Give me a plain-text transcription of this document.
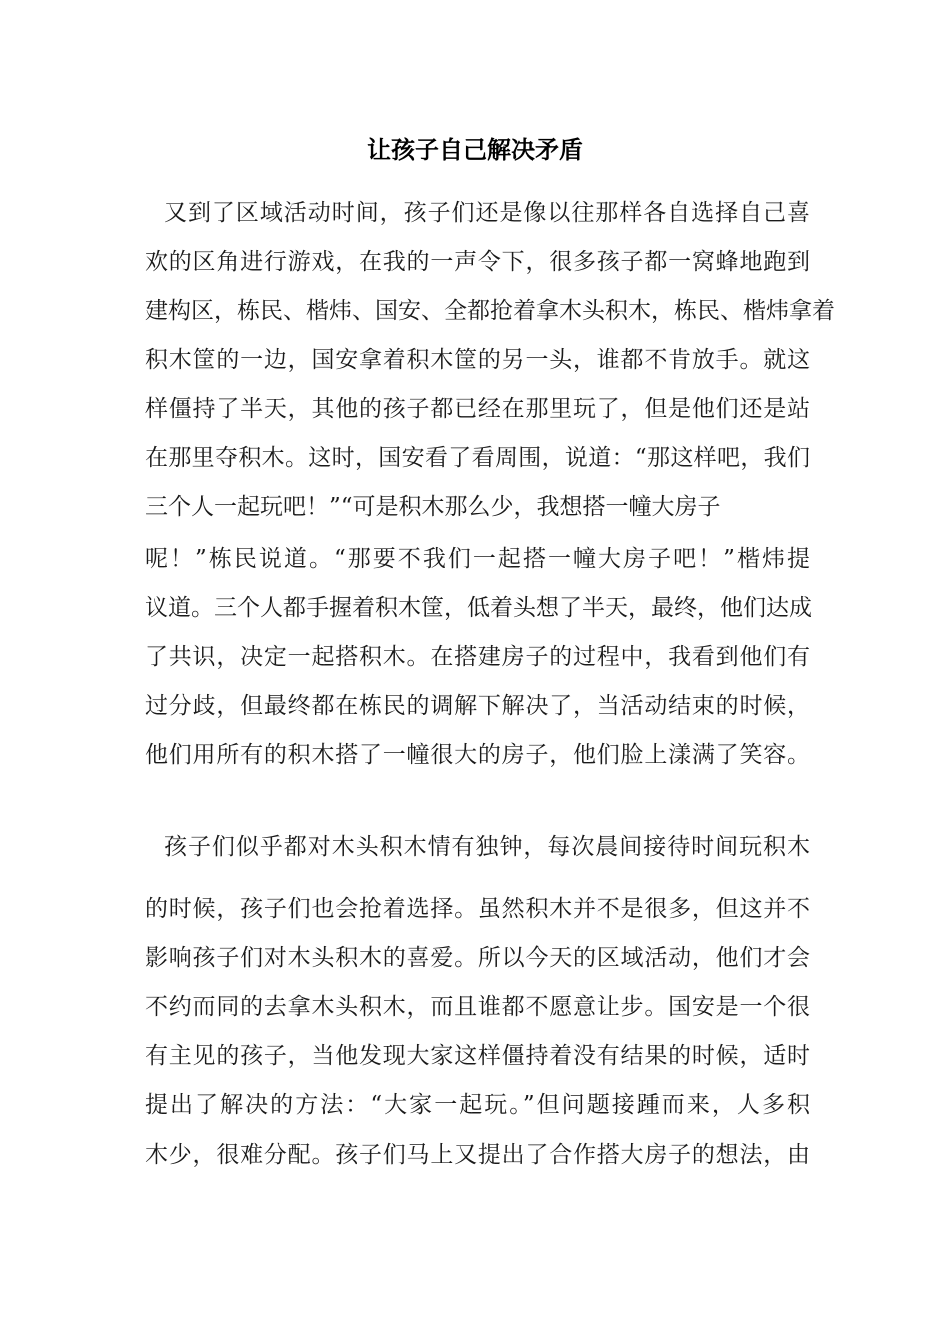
让孩子自己解决矛盾

又到了区域活动时间，孩子们还是像以往那样各自选择自己喜

欢的区角进行游戏，在我的一声令下，很多孩子都一窝蜂地跑到

建构区，栋民、楷炜、国安、全都抢着拿木头积木，栋民、楷炜拿着

积木筐的一边，国安拿着积木筐的另一头，谁都不肯放手。就这

样僵持了半天，其他的孩子都已经在那里玩了，但是他们还是站

在那里夺积木。这时，国安看了看周围，说道：“那这样吧，我们

三个人一起玩吧！”“可是积木那么少，我想搭一幢大房子

呢！”栋民说道。“那要不我们一起搭一幢大房子吧！”楷炜提

议道。三个人都手握着积木筐，低着头想了半天，最终，他们达成

了共识，决定一起搭积木。在搭建房子的过程中，我看到他们有

过分歧，但最终都在栋民的调解下解决了，当活动结束的时候，

他们用所有的积木搭了一幢很大的房子，他们脸上漾满了笑容。

孩子们似乎都对木头积木情有独钟，每次晨间接待时间玩积木

的时候，孩子们也会抢着选择。虽然积木并不是很多，但这并不

影响孩子们对木头积木的喜爱。所以今天的区域活动，他们才会

不约而同的去拿木头积木，而且谁都不愿意让步。国安是一个很

有主见的孩子，当他发现大家这样僵持着没有结果的时候，适时

提出了解决的方法：“大家一起玩。”但问题接踵而来，人多积

木少，很难分配。孩子们马上又提出了合作搭大房子的想法，由
